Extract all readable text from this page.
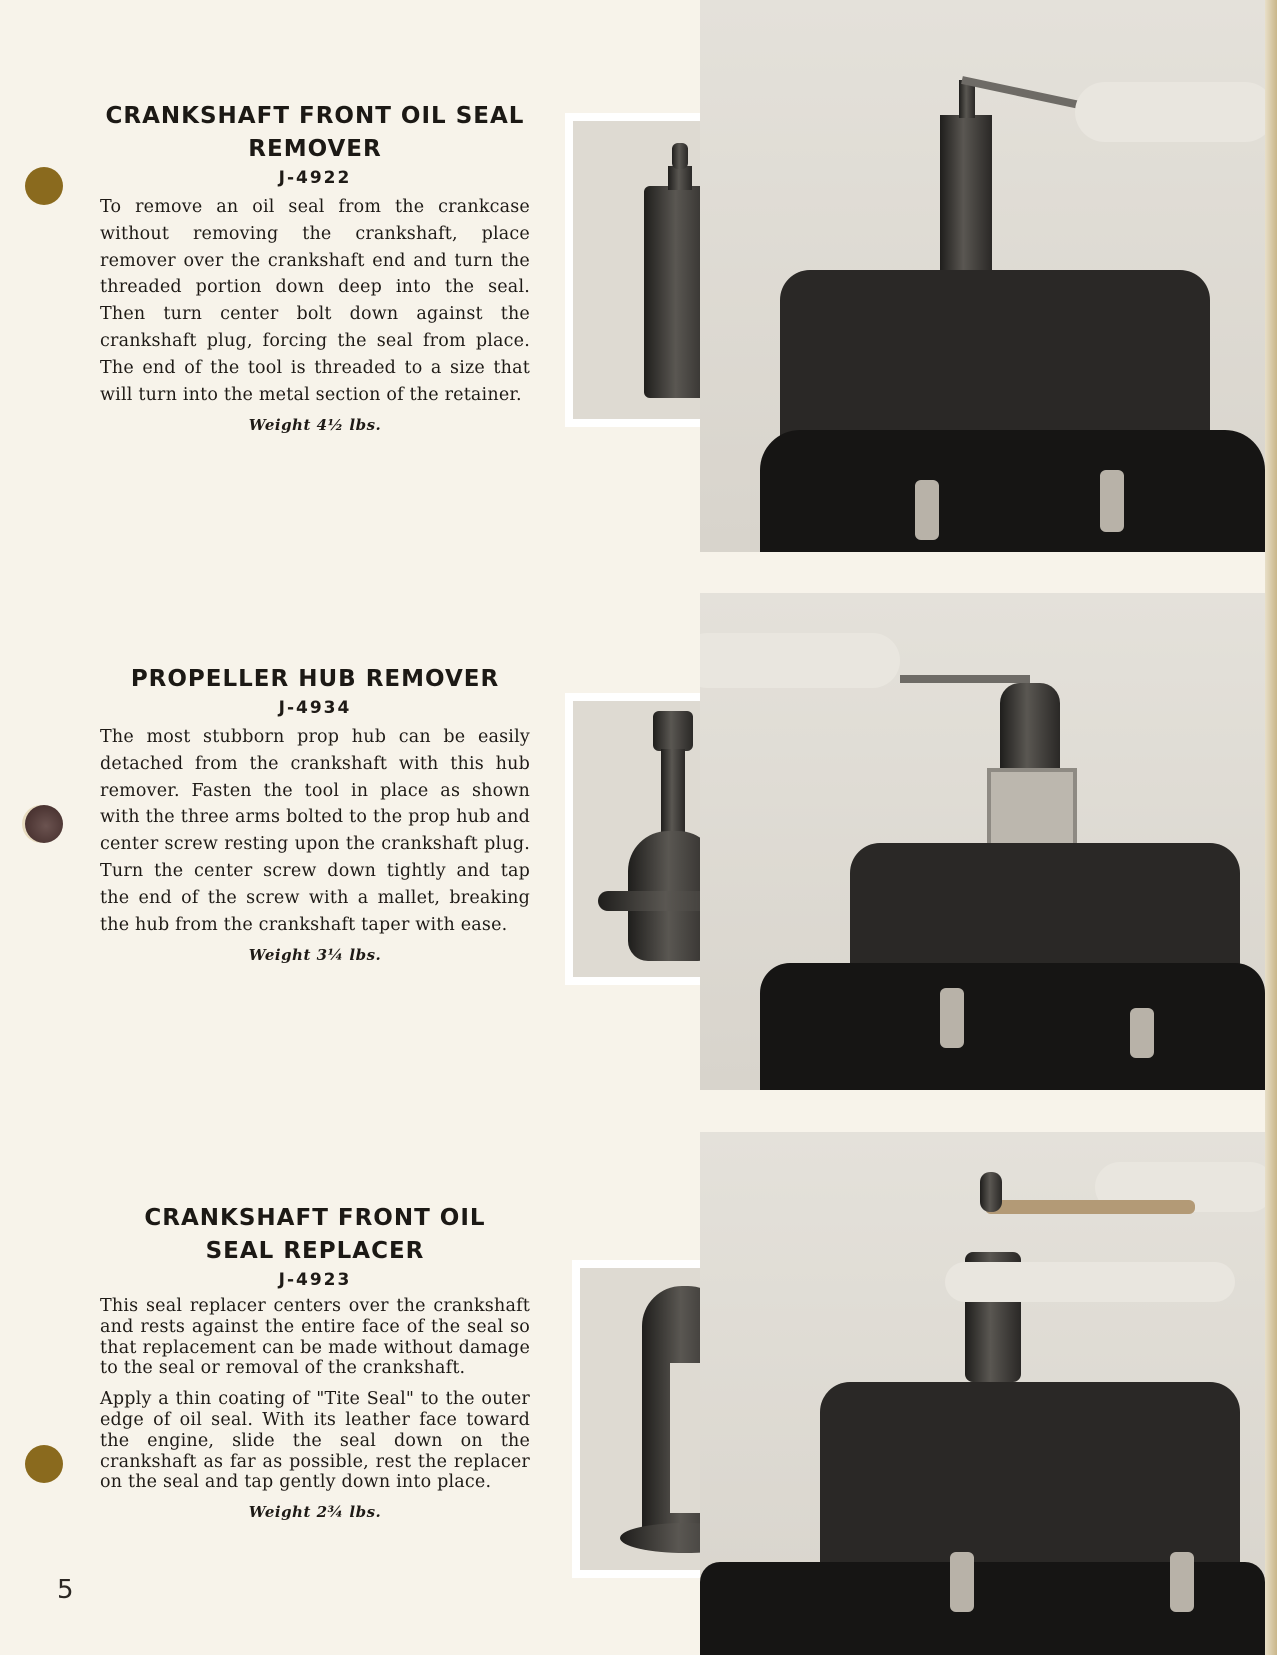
CRANKSHAFT FRONT OIL SEAL
REMOVER
J-4922

To remove an oil seal from the crankcase without removing the crankshaft, place remover over the crankshaft end and turn the threaded portion down deep into the seal. Then turn center bolt down against the crankshaft plug, forcing the seal from place. The end of the tool is threaded to a size that will turn into the metal section of the retainer.

Weight 4½ lbs.
PROPELLER HUB REMOVER
J-4934

The most stubborn prop hub can be easily detached from the crankshaft with this hub remover. Fasten the tool in place as shown with the three arms bolted to the prop hub and center screw resting upon the crankshaft plug. Turn the center screw down tightly and tap the end of the screw with a mallet, breaking the hub from the crankshaft taper with ease.

Weight 3¼ lbs.
CRANKSHAFT FRONT OIL
SEAL REPLACER
J-4923

This seal replacer centers over the crankshaft and rests against the entire face of the seal so that replacement can be made without damage to the seal or removal of the crankshaft.

Apply a thin coating of "Tite Seal" to the outer edge of oil seal. With its leather face toward the engine, slide the seal down on the crankshaft as far as possible, rest the replacer on the seal and tap gently down into place.

Weight 2¾ lbs.
5
